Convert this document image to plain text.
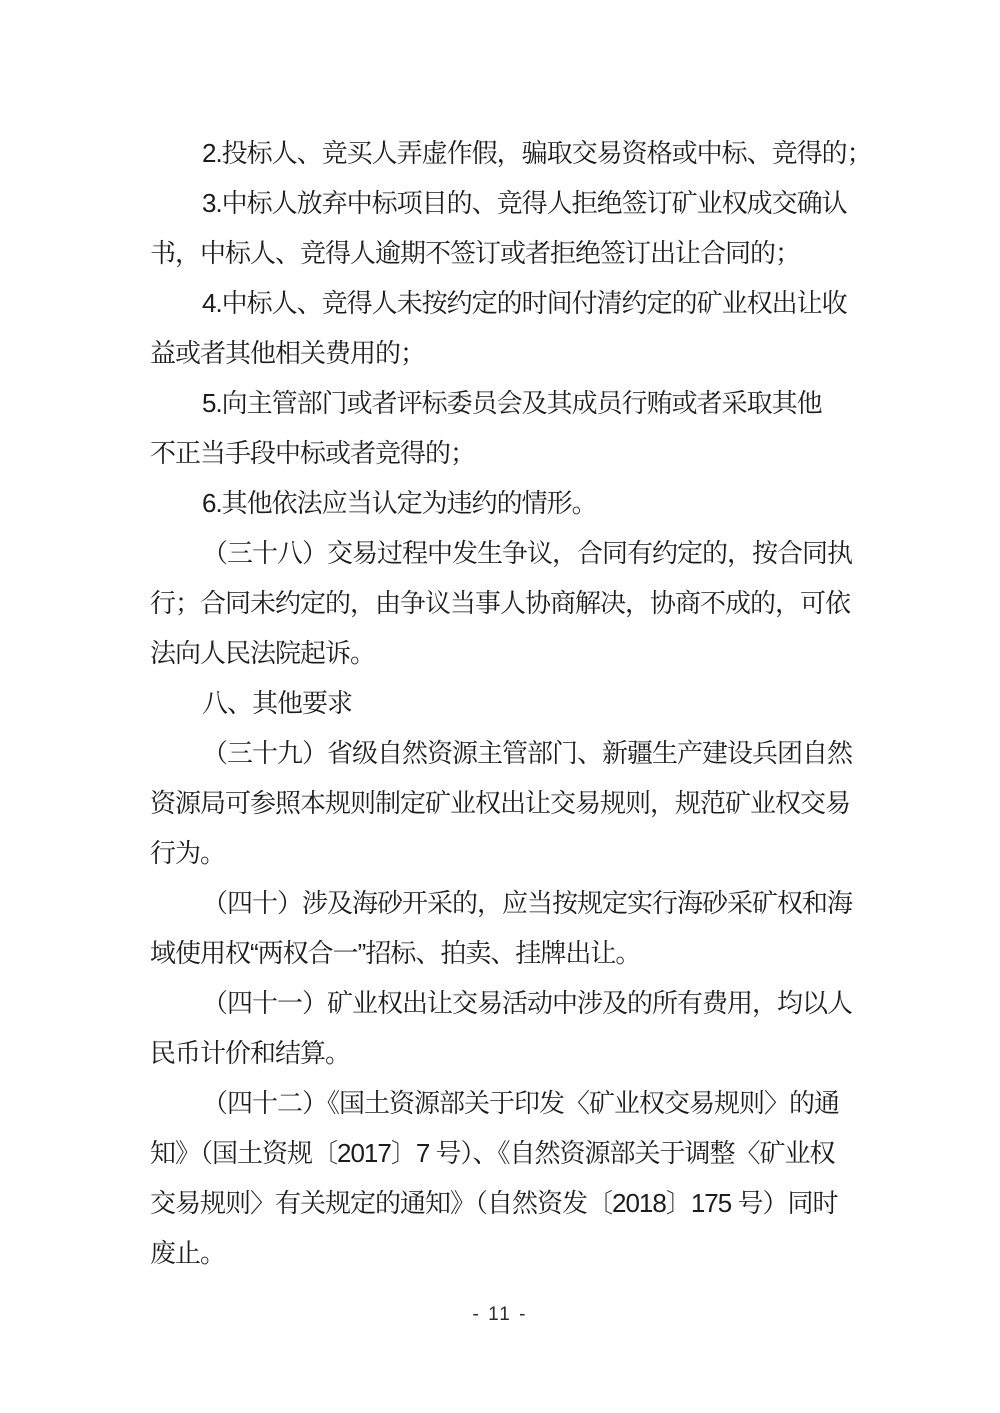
2.投标人、竞买人弄虚作假，骗取交易资格或中标、竞得的；
3.中标人放弃中标项目的、竞得人拒绝签订矿业权成交确认
书，中标人、竞得人逾期不签订或者拒绝签订出让合同的；
4.中标人、竞得人未按约定的时间付清约定的矿业权出让收
益或者其他相关费用的；
5.向主管部门或者评标委员会及其成员行贿或者采取其他
不正当手段中标或者竞得的；
6.其他依法应当认定为违约的情形。
（三十八）交易过程中发生争议，合同有约定的，按合同执
行；合同未约定的，由争议当事人协商解决，协商不成的，可依
法向人民法院起诉。
八、其他要求
（三十九）省级自然资源主管部门、新疆生产建设兵团自然
资源局可参照本规则制定矿业权出让交易规则，规范矿业权交易
行为。
（四十）涉及海砂开采的，应当按规定实行海砂采矿权和海
域使用权“两权合一”招标、拍卖、挂牌出让。
（四十一）矿业权出让交易活动中涉及的所有费用，均以人
民币计价和结算。
（四十二）《国土资源部关于印发〈矿业权交易规则〉的通
知》（国土资规〔2017〕7 号）、《自然资源部关于调整〈矿业权
交易规则〉有关规定的通知》（自然资发〔2018〕175 号）同时
废止。
- 11 -
